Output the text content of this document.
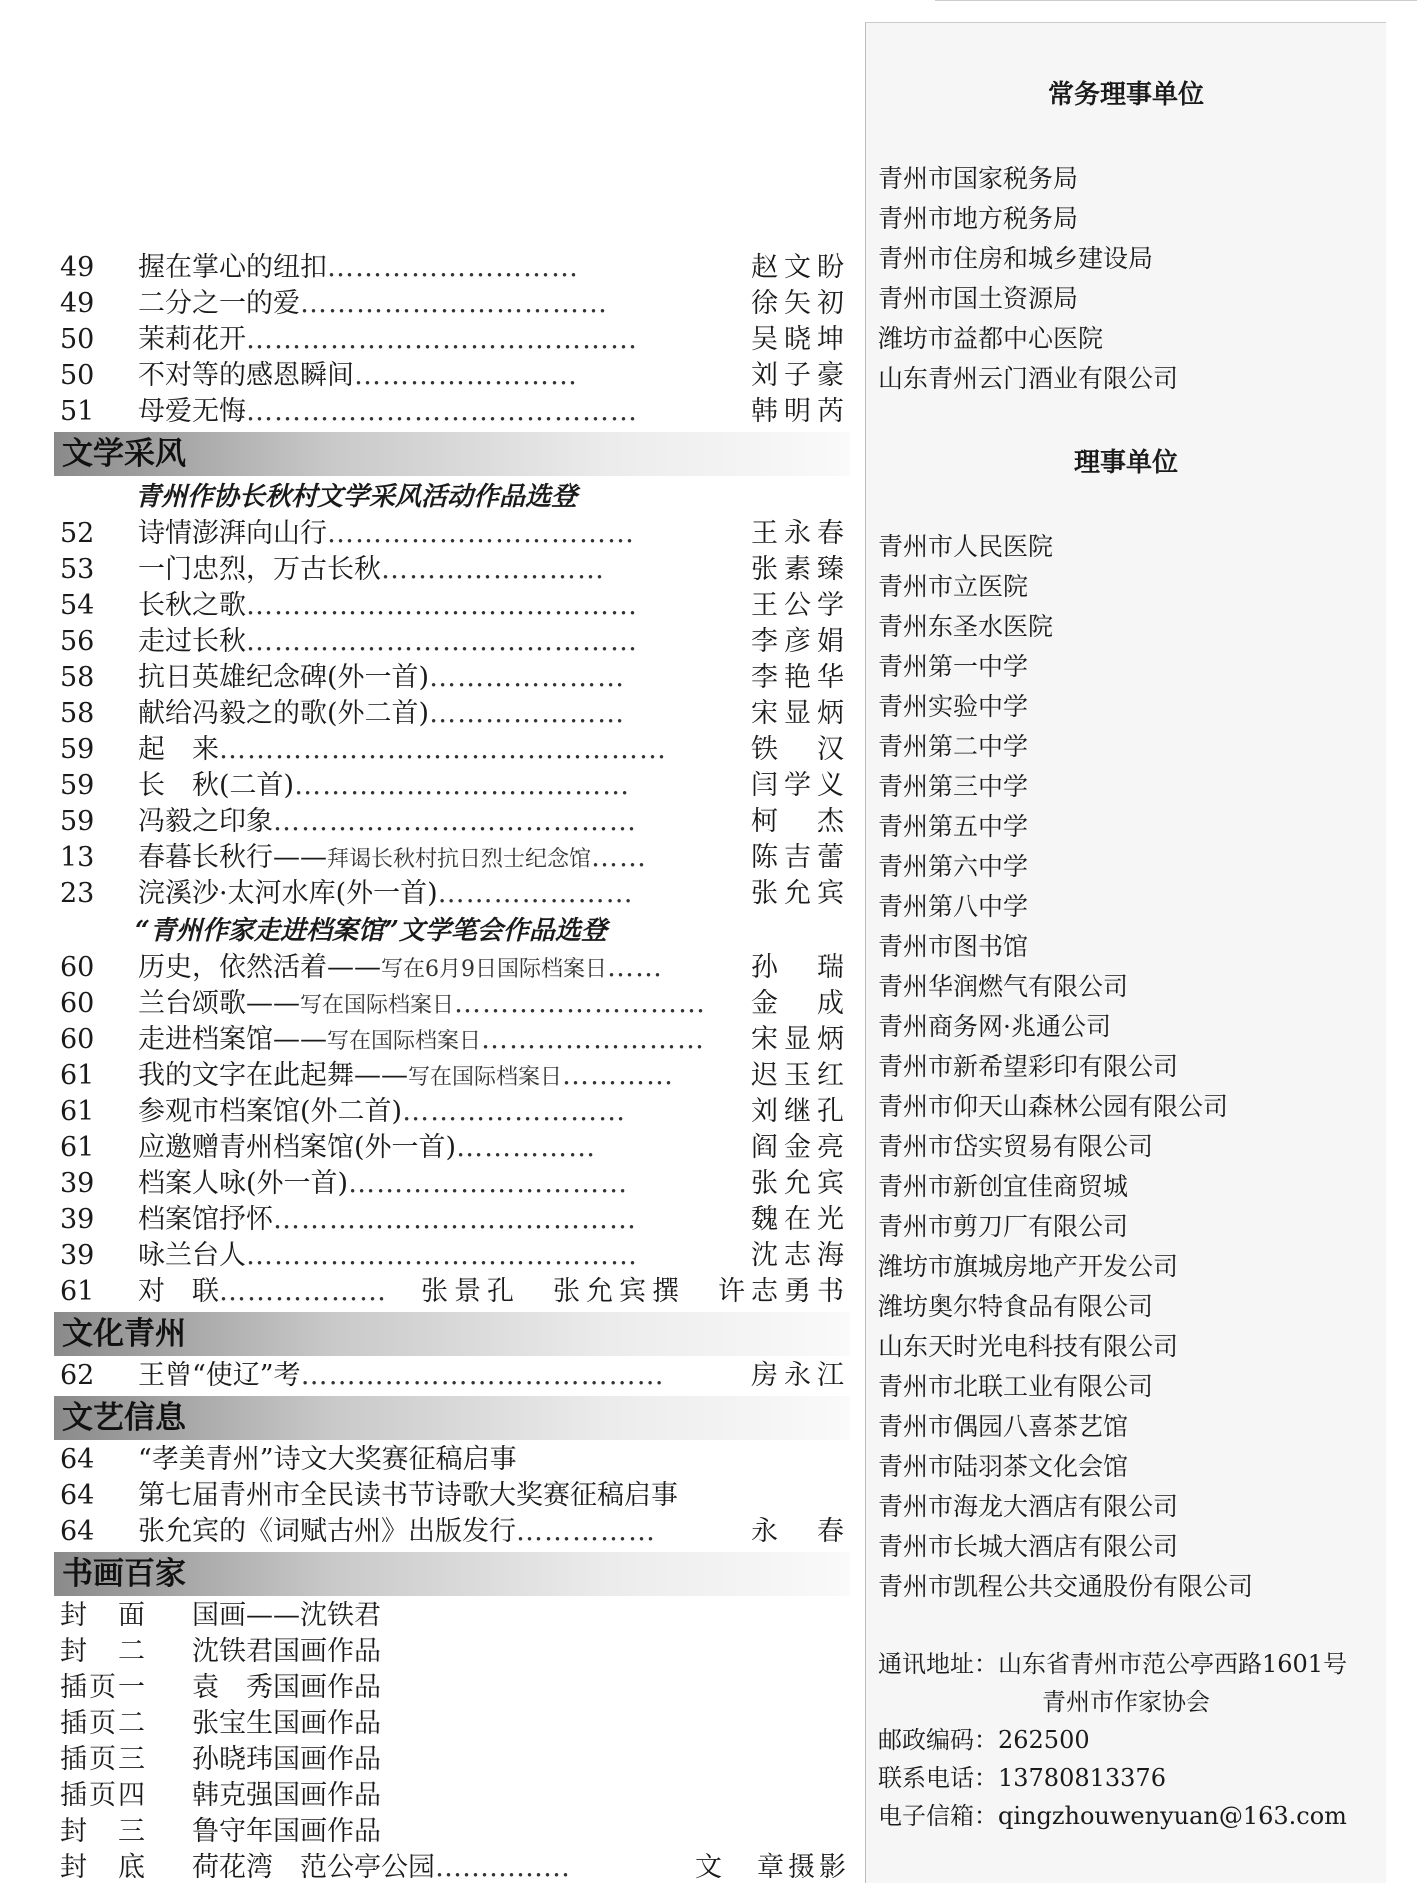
49	握在掌心的纽扣 ………………………	赵文盼
49	二分之一的爱 ……………………………	徐矢初
50	茉莉花开 ……………………………………	吴晓坤
50	不对等的感恩瞬间 ……………………	刘子豪
51	母爱无悔 ……………………………………	韩明芮
文学采风
青州作协长秋村文学采风活动作品选登
52	诗情澎湃向山行 ……………………………	王永春
53	一门忠烈，万古长秋 ……………………	张素臻
54	长秋之歌 ……………………………………	王公学
56	走过长秋 ……………………………………	李彦娟
58	抗日英雄纪念碑(外一首) …………………	李艳华
58	献给冯毅之的歌(外二首) …………………	宋显炳
59	起　来 …………………………………………	铁　汉
59	长　秋(二首) ………………………………	闫学义
59	冯毅之印象 …………………………………	柯　杰
13	春暮长秋行—— 拜谒长秋村抗日烈士纪念馆 ……	陈吉蕾
23	浣溪沙·太河水库(外一首) …………………	张允宾
“青州作家走进档案馆”文学笔会作品选登
60	历史，依然活着—— 写在6月9日国际档案日 ……	孙　瑞
60	兰台颂歌—— 写在国际档案日 ………………………	金　成
60	走进档案馆—— 写在国际档案日 ……………………	宋显炳
61	我的文字在此起舞—— 写在国际档案日 …………	迟玉红
61	参观市档案馆(外二首) ……………………	刘继孔
61	应邀赠青州档案馆(外一首) ……………	阎金亮
39	档案人咏(外一首) …………………………	张允宾
39	档案馆抒怀 …………………………………	魏在光
39	咏兰台人 ……………………………………	沈志海
61	对　联 ………………	张景孔　张允宾撰　许志勇书
文化青州
62	王曾“使辽”考 …………………………………	房永江
文艺信息
64	“孝美青州”诗文大奖赛征稿启事
64	第七届青州市全民读书节诗歌大奖赛征稿启事
64	张允宾的《词赋古州》出版发行 ……………	永　春
书画百家
封　面	国画——沈铁君
封　二	沈铁君国画作品
插页一	袁　秀国画作品
插页二	张宝生国画作品
插页三	孙晓玮国画作品
插页四	韩克强国画作品
封　三	鲁守年国画作品
封　底	荷花湾　范公亭公园 ……………	文　章摄影
常务理事单位
青州市国家税务局
青州市地方税务局
青州市住房和城乡建设局
青州市国土资源局
潍坊市益都中心医院
山东青州云门酒业有限公司
理事单位
青州市人民医院
青州市立医院
青州东圣水医院
青州第一中学
青州实验中学
青州第二中学
青州第三中学
青州第五中学
青州第六中学
青州第八中学
青州市图书馆
青州华润燃气有限公司
青州商务网·兆通公司
青州市新希望彩印有限公司
青州市仰天山森林公园有限公司
青州市岱实贸易有限公司
青州市新创宜佳商贸城
青州市剪刀厂有限公司
潍坊市旗城房地产开发公司
潍坊奥尔特食品有限公司
山东天时光电科技有限公司
青州市北联工业有限公司
青州市偶园八喜茶艺馆
青州市陆羽茶文化会馆
青州市海龙大酒店有限公司
青州市长城大酒店有限公司
青州市凯程公共交通股份有限公司
通讯地址：山东省青州市范公亭西路1601号
青州市作家协会
邮政编码：262500
联系电话：13780813376
电子信箱：qingzhouwenyuan@163.com
